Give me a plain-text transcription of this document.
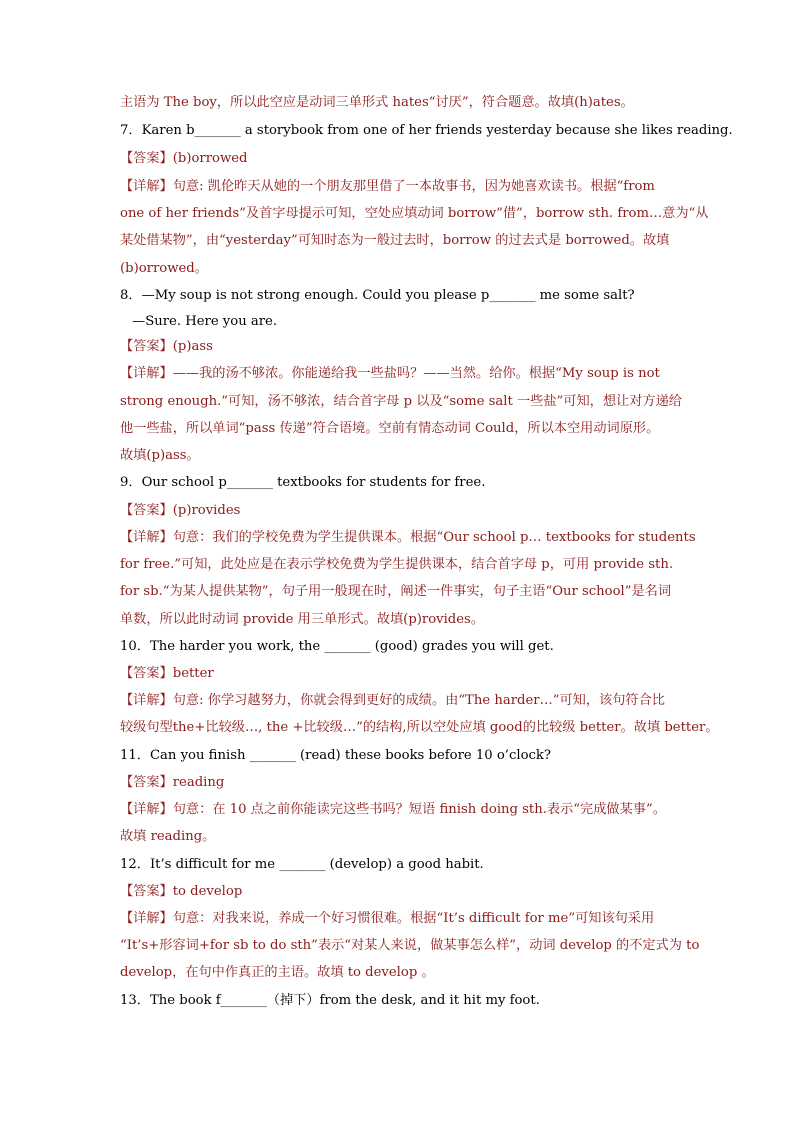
主语为 The boy，所以此空应是动词三单形式 hates“讨厌”，符合题意。故填(h)ates。
7．Karen b_______ a storybook from one of her friends yesterday because she likes reading.
【答案】(b)orrowed
【详解】句意: 凯伦昨天从她的一个朋友那里借了一本故事书，因为她喜欢读书。根据“from
one of her friends”及首字母提示可知，空处应填动词 borrow“借”，borrow sth. from…意为“从
某处借某物”，由“yesterday”可知时态为一般过去时，borrow 的过去式是 borrowed。故填
(b)orrowed。
8．—My soup is not strong enough. Could you please p_______ me some salt?
—Sure. Here you are.
【答案】(p)ass
【详解】——我的汤不够浓。你能递给我一些盐吗？——当然。给你。根据“My soup is not
strong enough.”可知，汤不够浓，结合首字母 p 以及“some salt 一些盐”可知，想让对方递给
他一些盐，所以单词“pass 传递”符合语境。空前有情态动词 Could，所以本空用动词原形。
故填(p)ass。
9．Our school p_______ textbooks for students for free.
【答案】(p)rovides
【详解】句意：我们的学校免费为学生提供课本。根据“Our school p… textbooks for students
for free.”可知，此处应是在表示学校免费为学生提供课本，结合首字母 p，可用 provide sth.
for sb.“为某人提供某物”，句子用一般现在时，阐述一件事实，句子主语“Our school”是名词
单数，所以此时动词 provide 用三单形式。故填(p)rovides。
10．The harder you work, the _______ (good) grades you will get.
【答案】better
【详解】句意: 你学习越努力，你就会得到更好的成绩。由“The harder…”可知，该句符合比
较级句型the+比较级…, the +比较级…”的结构,所以空处应填 good的比较级 better。故填 better。
11．Can you finish _______ (read) these books before 10 o’clock?
【答案】reading
【详解】句意：在 10 点之前你能读完这些书吗？短语 finish doing sth.表示“完成做某事”。
故填 reading。
12．It’s difficult for me _______ (develop) a good habit.
【答案】to develop
【详解】句意：对我来说，养成一个好习惯很难。根据“It’s difficult for me”可知该句采用
“It’s+形容词+for sb to do sth”表示“对某人来说，做某事怎么样”，动词 develop 的不定式为 to
develop，在句中作真正的主语。故填 to develop 。
13．The book f_______（掉下）from the desk, and it hit my foot.
